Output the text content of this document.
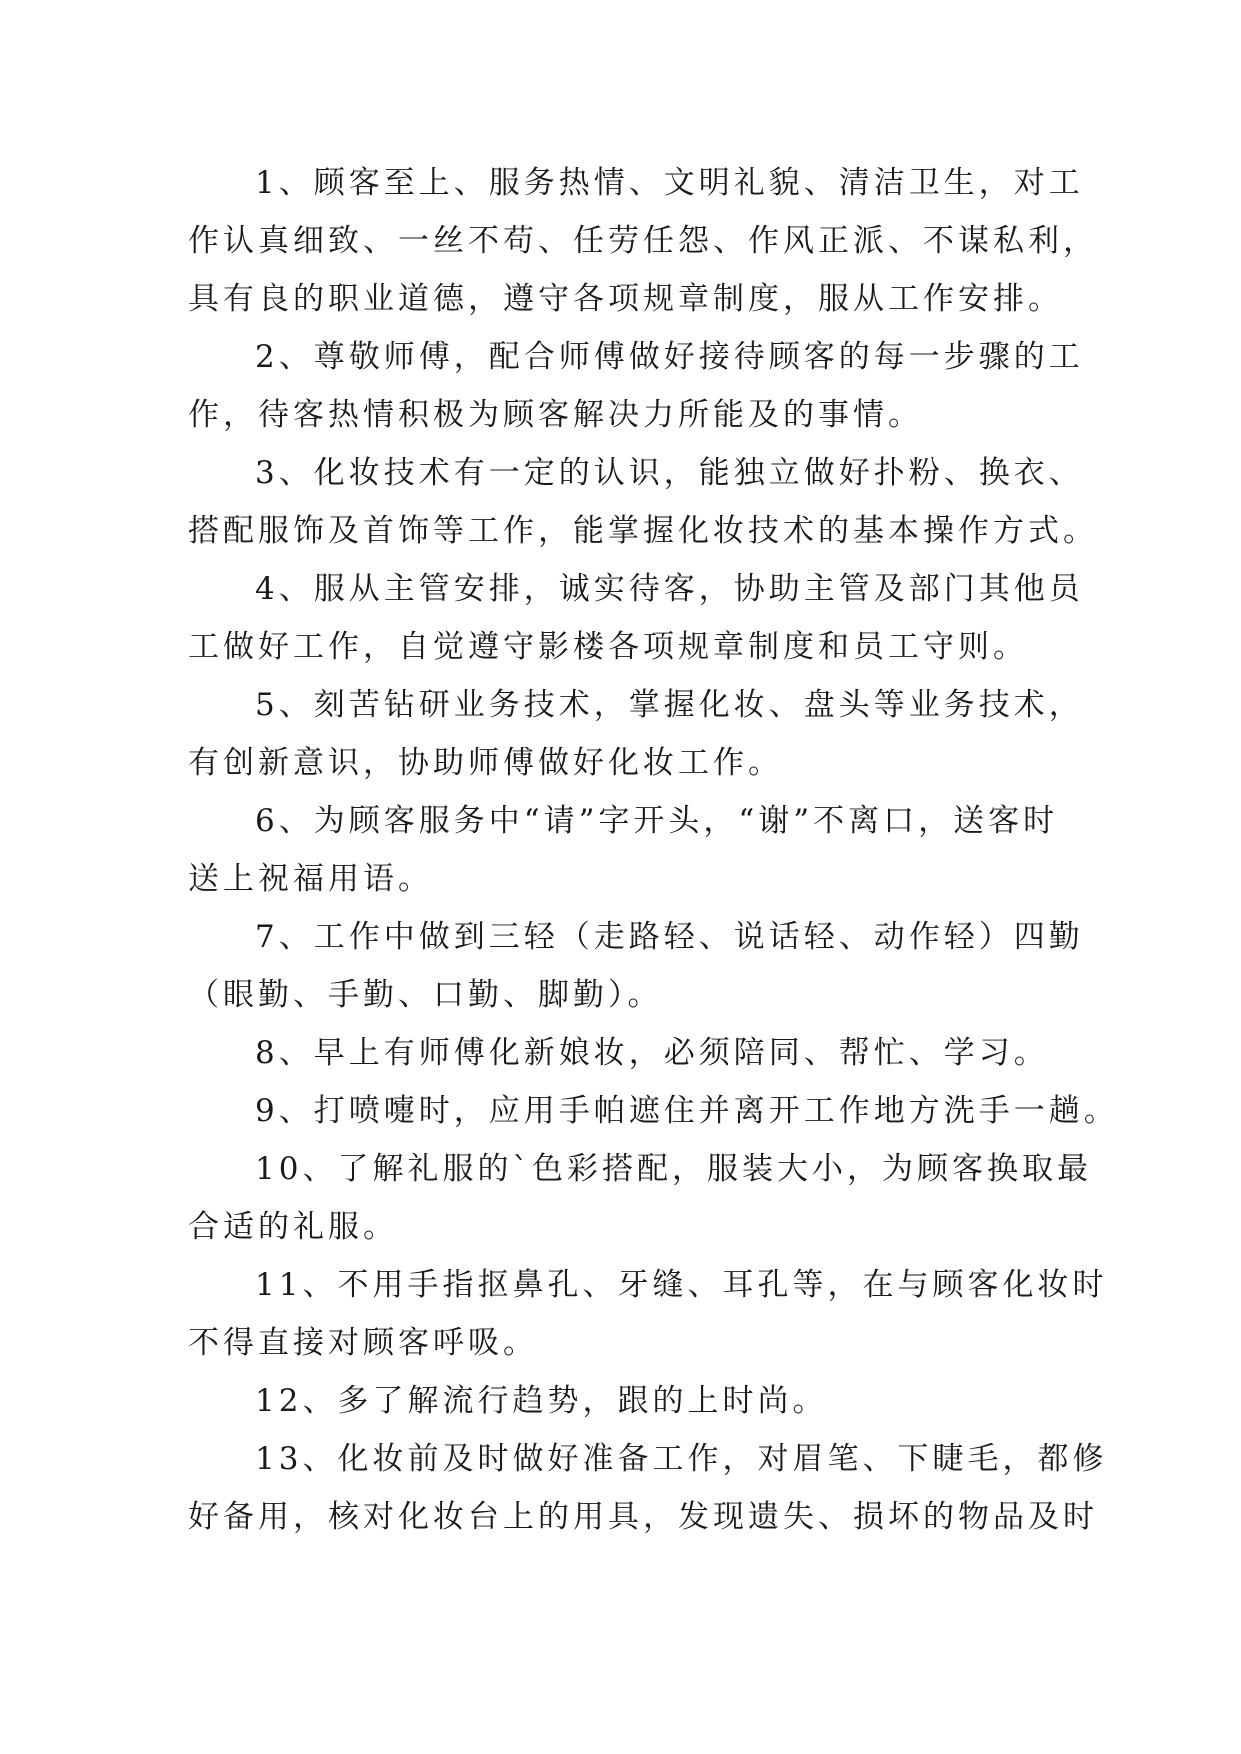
1、顾客至上、服务热情、文明礼貌、清洁卫生，对工
作认真细致、一丝不苟、任劳任怨、作风正派、不谋私利，
具有良的职业道德，遵守各项规章制度，服从工作安排。
2、尊敬师傅，配合师傅做好接待顾客的每一步骤的工
作，待客热情积极为顾客解决力所能及的事情。
3、化妆技术有一定的认识，能独立做好扑粉、换衣、
搭配服饰及首饰等工作，能掌握化妆技术的基本操作方式。
4、服从主管安排，诚实待客，协助主管及部门其他员
工做好工作，自觉遵守影楼各项规章制度和员工守则。
5、刻苦钻研业务技术，掌握化妆、盘头等业务技术，
有创新意识，协助师傅做好化妆工作。
6、为顾客服务中“请”字开头，“谢”不离口，送客时
送上祝福用语。
7、工作中做到三轻（走路轻、说话轻、动作轻）四勤
（眼勤、手勤、口勤、脚勤）。
8、早上有师傅化新娘妆，必须陪同、帮忙、学习。
9、打喷嚏时，应用手帕遮住并离开工作地方洗手一趟。
10、了解礼服的`色彩搭配，服装大小，为顾客换取最
合适的礼服。
11、不用手指抠鼻孔、牙缝、耳孔等，在与顾客化妆时
不得直接对顾客呼吸。
12、多了解流行趋势，跟的上时尚。
13、化妆前及时做好准备工作，对眉笔、下睫毛，都修
好备用，核对化妆台上的用具，发现遗失、损坏的物品及时
